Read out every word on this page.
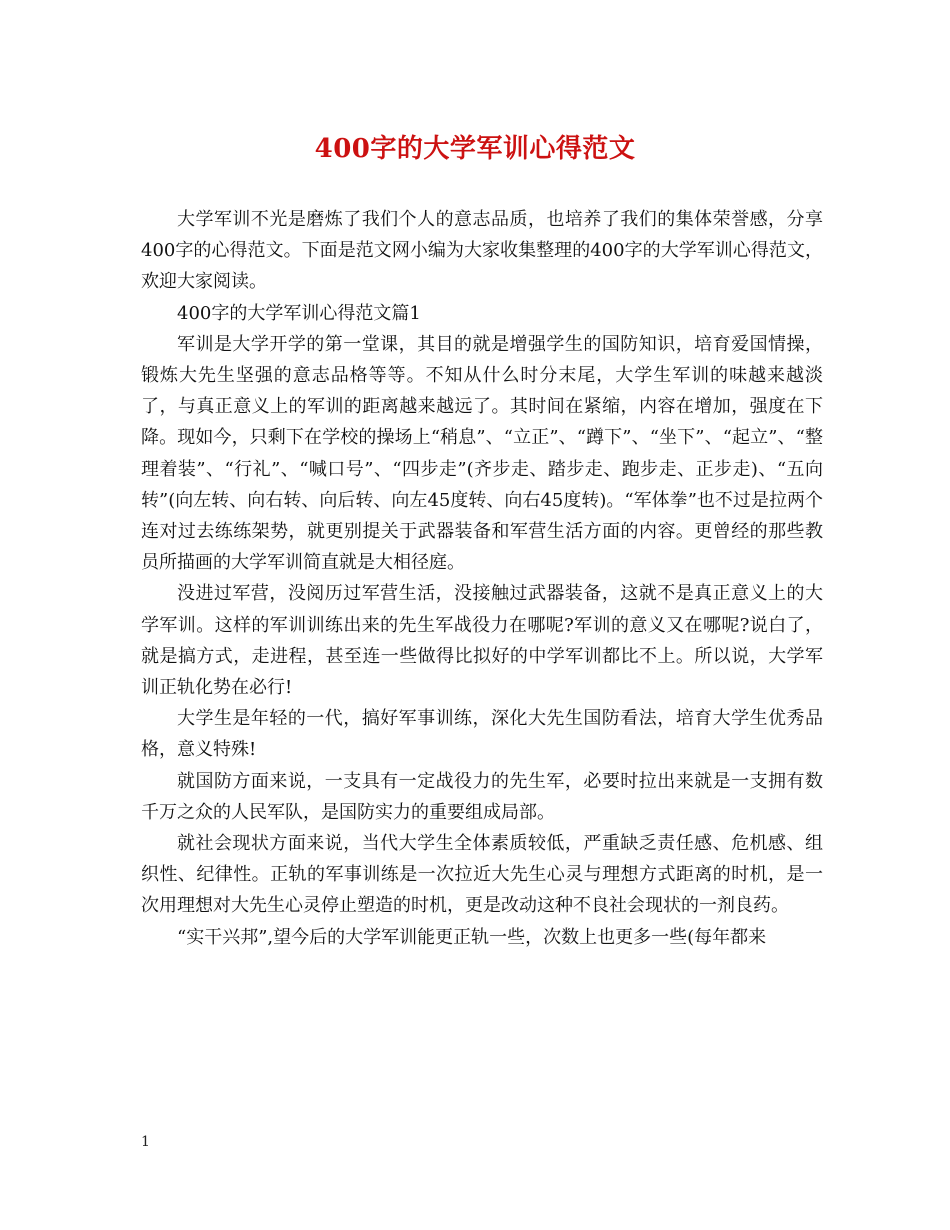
400字的大学军训心得范文

大学军训不光是磨炼了我们个人的意志品质，也培养了我们的集体荣誉感，分享400字的心得范文。下面是范文网小编为大家收集整理的400字的大学军训心得范文，欢迎大家阅读。

400字的大学军训心得范文篇1

军训是大学开学的第一堂课，其目的就是增强学生的国防知识，培育爱国情操，锻炼大先生坚强的意志品格等等。不知从什么时分末尾，大学生军训的味越来越淡了，与真正意义上的军训的距离越来越远了。其时间在紧缩，内容在增加，强度在下降。现如今，只剩下在学校的操场上“稍息”、“立正”、“蹲下”、“坐下”、“起立”、“整理着装”、“行礼”、“喊口号”、“四步走”(齐步走、踏步走、跑步走、正步走)、“五向转”(向左转、向右转、向后转、向左45度转、向右45度转)。“军体拳”也不过是拉两个连对过去练练架势，就更别提关于武器装备和军营生活方面的内容。更曾经的那些教员所描画的大学军训简直就是大相径庭。

没进过军营，没阅历过军营生活，没接触过武器装备，这就不是真正意义上的大学军训。这样的军训训练出来的先生军战役力在哪呢?军训的意义又在哪呢?说白了，就是搞方式，走进程，甚至连一些做得比拟好的中学军训都比不上。所以说，大学军训正轨化势在必行!

大学生是年轻的一代，搞好军事训练，深化大先生国防看法，培育大学生优秀品格，意义特殊!

就国防方面来说，一支具有一定战役力的先生军，必要时拉出来就是一支拥有数千万之众的人民军队，是国防实力的重要组成局部。

就社会现状方面来说，当代大学生全体素质较低，严重缺乏责任感、危机感、组织性、纪律性。正轨的军事训练是一次拉近大先生心灵与理想方式距离的时机，是一次用理想对大先生心灵停止塑造的时机，更是改动这种不良社会现状的一剂良药。

“实干兴邦”,望今后的大学军训能更正轨一些，次数上也更多一些(每年都来

1
